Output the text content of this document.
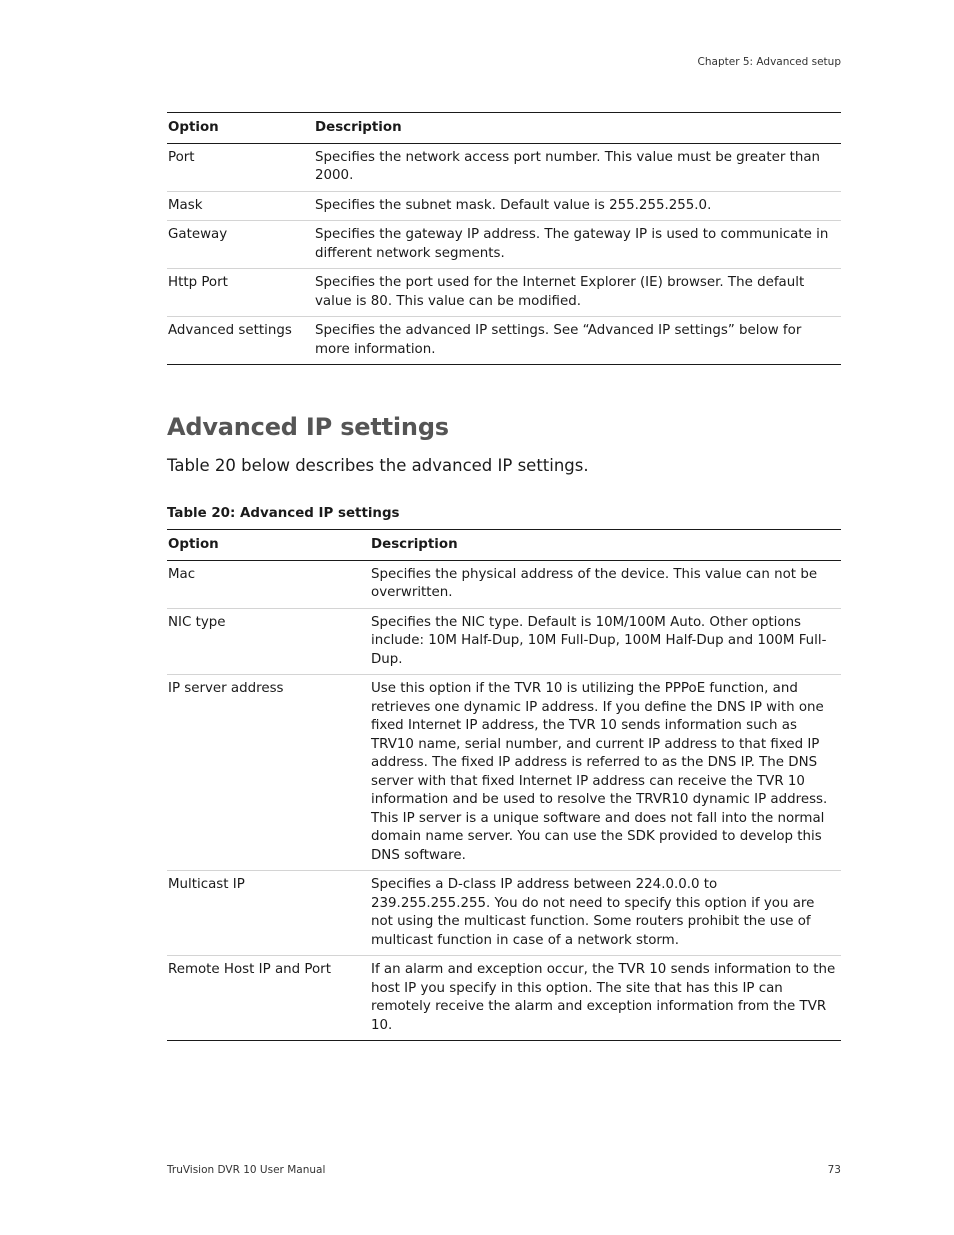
Chapter 5: Advanced setup
Option	Description
Port	Specifies the network access port number. This value must be greater than 2000.
Mask	Specifies the subnet mask. Default value is 255.255.255.0.
Gateway	Specifies the gateway IP address. The gateway IP is used to communicate in different network segments.
Http Port	Specifies the port used for the Internet Explorer (IE) browser. The default value is 80. This value can be modified.
Advanced settings	Specifies the advanced IP settings. See “Advanced IP settings” below for more information.
Advanced IP settings

Table 20 below describes the advanced IP settings.

Table 20: Advanced IP settings

Option	Description
Mac	Specifies the physical address of the device. This value can not be overwritten.
NIC type	Specifies the NIC type. Default is 10M/100M Auto. Other options include: 10M Half-Dup, 10M Full-Dup, 100M Half-Dup and 100M Full-Dup.
IP server address	Use this option if the TVR 10 is utilizing the PPPoE function, and retrieves one dynamic IP address. If you define the DNS IP with one fixed Internet IP address, the TVR 10 sends information such as TRV10 name, serial number, and current IP address to that fixed IP address. The fixed IP address is referred to as the DNS IP. The DNS server with that fixed Internet IP address can receive the TVR 10 information and be used to resolve the TRVR10 dynamic IP address. This IP server is a unique software and does not fall into the normal domain name server. You can use the SDK provided to develop this DNS software.
Multicast IP	Specifies a D-class IP address between 224.0.0.0 to 239.255.255.255. You do not need to specify this option if you are not using the multicast function. Some routers prohibit the use of multicast function in case of a network storm.
Remote Host IP and Port	If an alarm and exception occur, the TVR 10 sends information to the host IP you specify in this option. The site that has this IP can remotely receive the alarm and exception information from the TVR 10.
TruVision DVR 10 User Manual	73
